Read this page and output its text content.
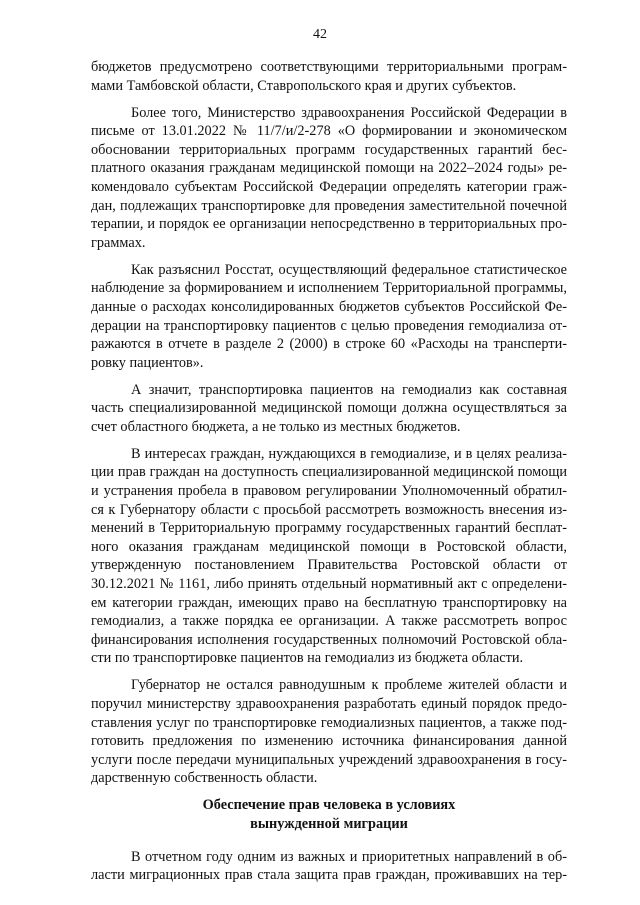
42
бюджетов предусмотрено соответствующими территориальными програм-
мами Тамбовской области, Ставропольского края и других субъектов.
Более того, Министерство здравоохранения Российской Федерации в
письме от 13.01.2022 № 11/7/и/2-278 «О формировании и экономическом
обосновании территориальных программ государственных гарантий бес-
платного оказания гражданам медицинской помощи на 2022–2024 годы» ре-
комендовало субъектам Российской Федерации определять категории граж-
дан, подлежащих транспортировке для проведения заместительной почечной
терапии, и порядок ее организации непосредственно в территориальных про-
граммах.
Как разъяснил Росстат, осуществляющий федеральное статистическое
наблюдение за формированием и исполнением Территориальной программы,
данные о расходах консолидированных бюджетов субъектов Российской Фе-
дерации на транспортировку пациентов с целью проведения гемодиализа от-
ражаются в отчете в разделе 2 (2000) в строке 60 «Расходы на трансперти-
ровку пациентов».
А значит, транспортировка пациентов на гемодиализ как составная
часть специализированной медицинской помощи должна осуществляться за
счет областного бюджета, а не только из местных бюджетов.
В интересах граждан, нуждающихся в гемодиализе, и в целях реализа-
ции прав граждан на доступность специализированной медицинской помощи
и устранения пробела в правовом регулировании Уполномоченный обратил-
ся к Губернатору области с просьбой рассмотреть возможность внесения из-
менений в Территориальную программу государственных гарантий бесплат-
ного оказания гражданам медицинской помощи в Ростовской области,
утвержденную постановлением Правительства Ростовской области от
30.12.2021 № 1161, либо принять отдельный нормативный акт с определени-
ем категории граждан, имеющих право на бесплатную транспортировку на
гемодиализ, а также порядка ее организации. А также рассмотреть вопрос
финансирования исполнения государственных полномочий Ростовской обла-
сти по транспортировке пациентов на гемодиализ из бюджета области.
Губернатор не остался равнодушным к проблеме жителей области и
поручил министерству здравоохранения разработать единый порядок предо-
ставления услуг по транспортировке гемодиализных пациентов, а также под-
готовить предложения по изменению источника финансирования данной
услуги после передачи муниципальных учреждений здравоохранения в госу-
дарственную собственность области.
Обеспечение прав человека в условиях
вынужденной миграции
В отчетном году одним из важных и приоритетных направлений в об-
ласти миграционных прав стала защита прав граждан, проживавших на тер-
